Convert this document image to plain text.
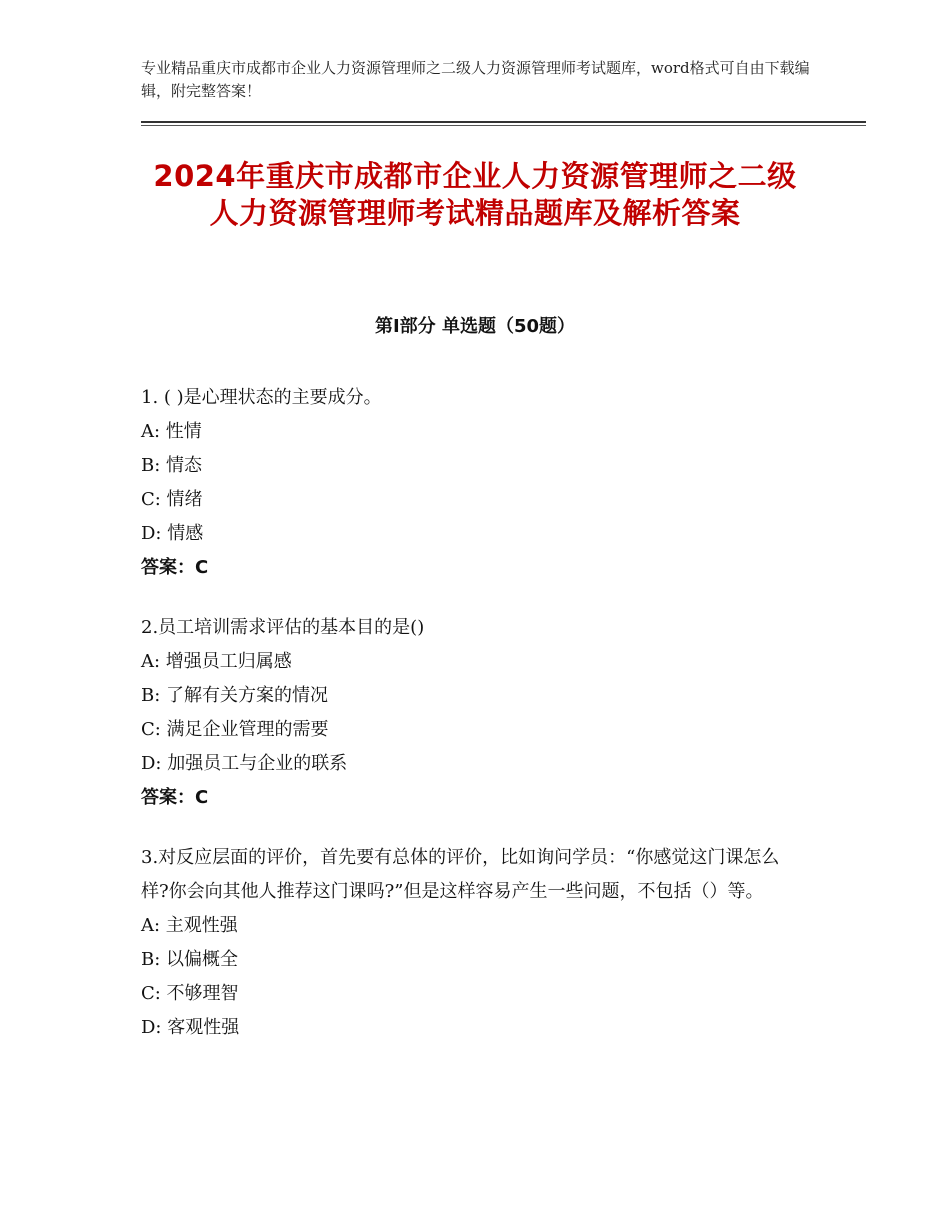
专业精品重庆市成都市企业人力资源管理师之二级人力资源管理师考试题库，word格式可自由下载编辑，附完整答案！
2024年重庆市成都市企业人力资源管理师之二级人力资源管理师考试精品题库及解析答案
第Ⅰ部分 单选题（50题）
1. ( )是心理状态的主要成分。
A: 性情
B: 情态
C: 情绪
D: 情感
答案：C
2.员工培训需求评估的基本目的是()
A: 增强员工归属感
B: 了解有关方案的情况
C: 满足企业管理的需要
D: 加强员工与企业的联系
答案：C
3.对反应层面的评价，首先要有总体的评价，比如询问学员：“你感觉这门课怎么样?你会向其他人推荐这门课吗?”但是这样容易产生一些问题，不包括（）等。
A: 主观性强
B: 以偏概全
C: 不够理智
D: 客观性强
